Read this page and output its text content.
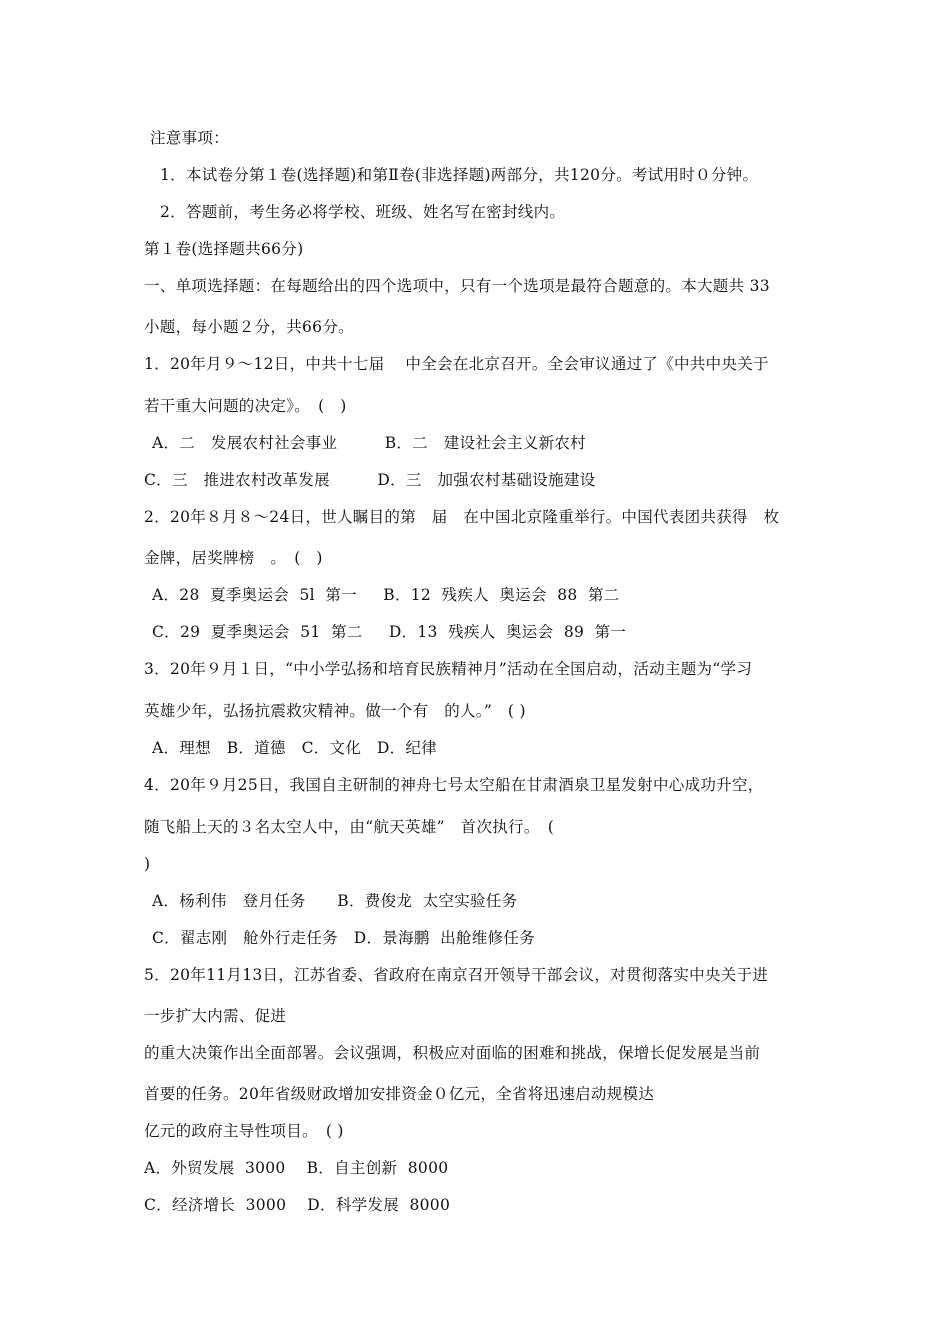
注意事项：
1．本试卷分第１卷(选择题)和第Ⅱ卷(非选择题)两部分，共120分。考试用时０分钟。
2．答题前，考生务必将学校、班级、姓名写在密封线内。
第１卷(选择题共66分)
一、单项选择题：在每题给出的四个选项中，只有一个选项是最符合题意的。本大题共 33
小题，每小题２分，共66分。
1．20年月９～12日，中共十七届　 中全会在北京召开。全会审议通过了《中共中央关于
若干重大问题的决定》。　(　)
A．二　发展农村社会事业　　　B．二　建设社会主义新农村
C．三　推进农村改革发展　　　D．三　加强农村基础设施建设
2．20年８月８～24日，世人瞩目的第　届　在中国北京隆重举行。中国代表团共获得　枚
金牌，居奖牌榜　。　(　)
A．28  夏季奥运会  5l  第一　  B．12  残疾人  奥运会  88  第二
C．29  夏季奥运会  51  第二　  D．13  残疾人  奥运会  89  第一
3．20年９月１日，“中小学弘扬和培育民族精神月”活动在全国启动，活动主题为“学习
英雄少年，弘扬抗震救灾精神。做一个有　的人。”　( )
A．理想　B．道德　C．文化　D．纪律
4．20年９月25日，我国自主研制的神舟七号太空船在甘肃酒泉卫星发射中心成功升空，
随飞船上天的３名太空人中，由“航天英雄”　首次执行。　(
)
A．杨利伟　登月任务　　B．费俊龙  太空实验任务
C．翟志刚　舱外行走任务　D．景海鹏  出舱维修任务
5．20年11月13日，江苏省委、省政府在南京召开领导干部会议，对贯彻落实中央关于进
一步扩大内需、促进
的重大决策作出全面部署。会议强调，积极应对面临的困难和挑战，保增长促发展是当前
首要的任务。20年省级财政增加安排资金０亿元，全省将迅速启动规模达
亿元的政府主导性项目。　( )
A．外贸发展  3000　 B．自主创新  8000
C．经济增长  3000　 D．科学发展  8000
